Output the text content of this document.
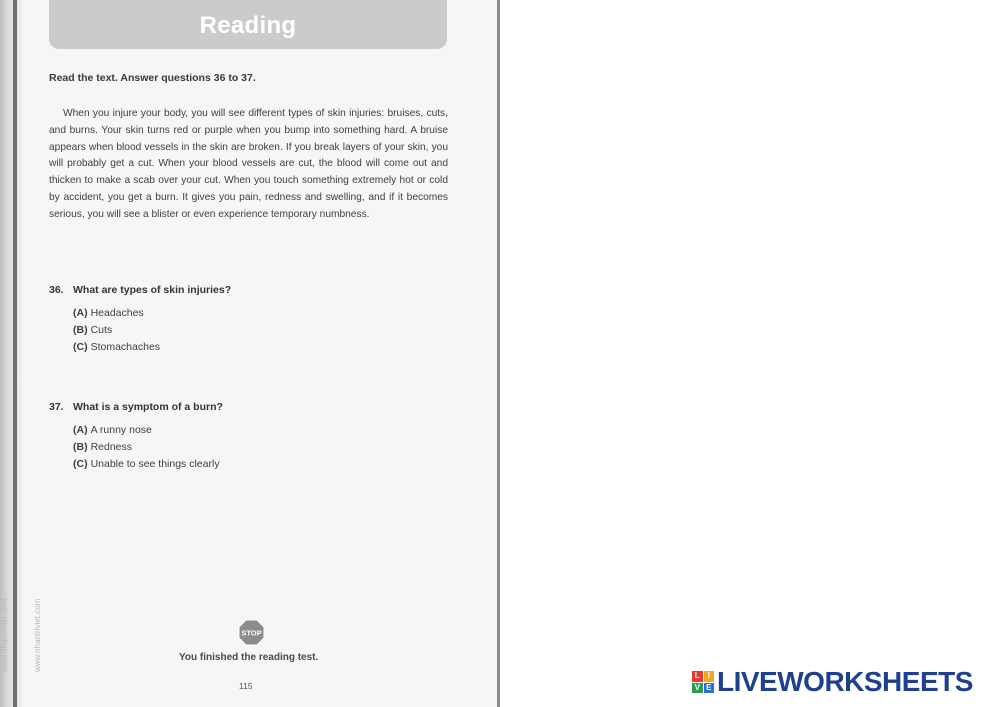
www.nhantriviet.com	www.nhantriviet.com
Reading
Read the text. Answer questions 36 to 37.

When you injure your body, you will see different types of skin injuries: bruises, cuts, and burns. Your skin turns red or purple when you bump into something hard. A bruise appears when blood vessels in the skin are broken. If you break layers of your skin, you will probably get a cut. When your blood vessels are cut, the blood will come out and thicken to make a scab over your cut. When you touch something extremely hot or cold by accident, you get a burn. It gives you pain, redness and swelling, and if it becomes serious, you will see a blister or even experience temporary numbness.

36. What are types of skin injuries?
(A) Headaches
(B) Cuts
(C) Stomachaches
37. What is a symptom of a burn?
(A) A runny nose
(B) Redness
(C) Unable to see things clearly
STOP
You finished the reading test.
115
L I
V E LIVEWORKSHEETS
